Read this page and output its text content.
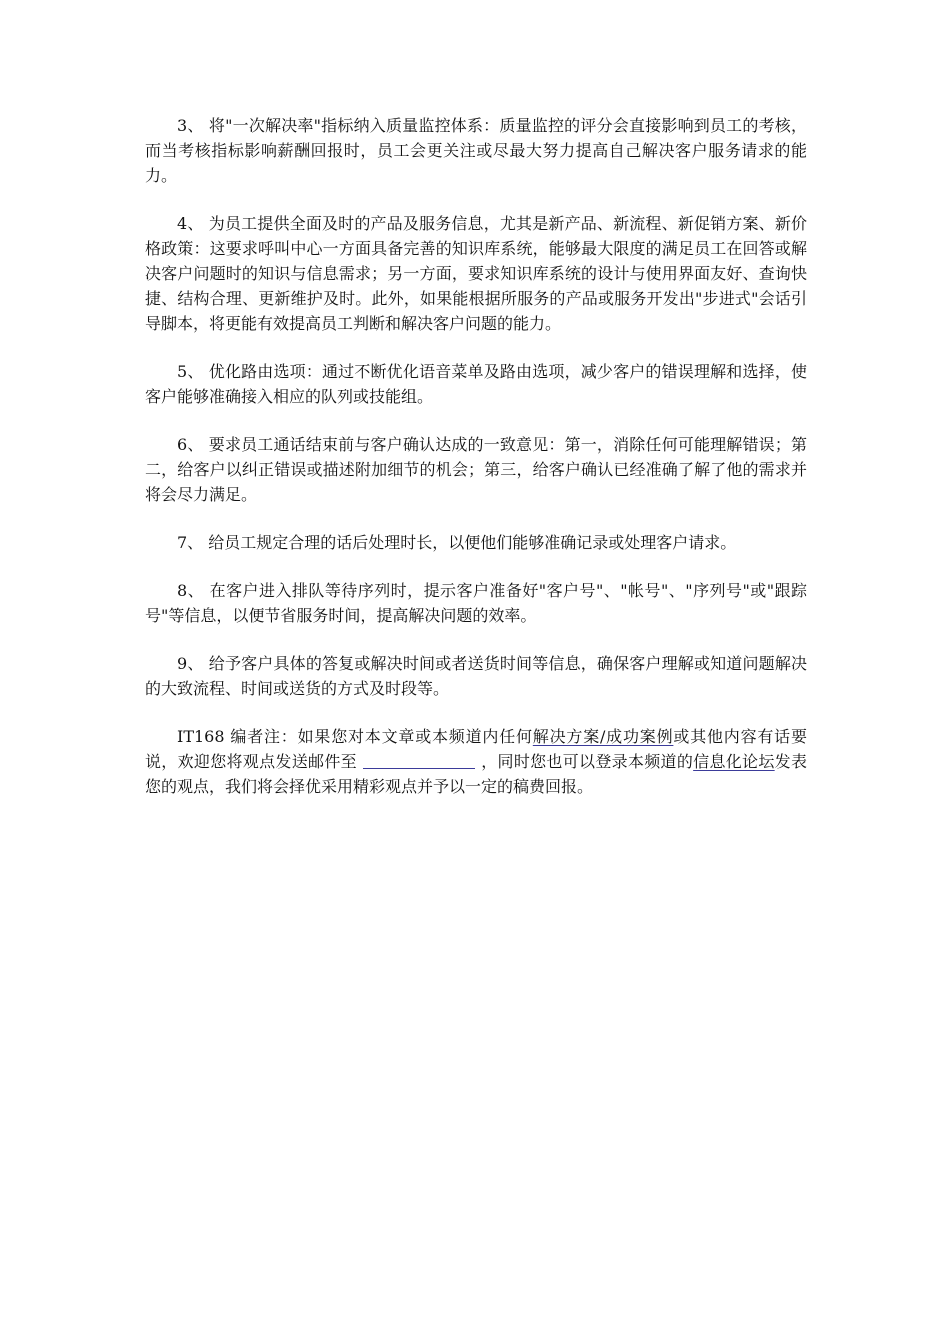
3、 将"一次解决率"指标纳入质量监控体系：质量监控的评分会直接影响到员工的考核，而当考核指标影响薪酬回报时，员工会更关注或尽最大努力提高自己解决客户服务请求的能力。

4、 为员工提供全面及时的产品及服务信息，尤其是新产品、新流程、新促销方案、新价格政策：这要求呼叫中心一方面具备完善的知识库系统，能够最大限度的满足员工在回答或解决客户问题时的知识与信息需求；另一方面，要求知识库系统的设计与使用界面友好、查询快捷、结构合理、更新维护及时。此外，如果能根据所服务的产品或服务开发出"步进式"会话引导脚本，将更能有效提高员工判断和解决客户问题的能力。

5、 优化路由选项：通过不断优化语音菜单及路由选项，减少客户的错误理解和选择，使客户能够准确接入相应的队列或技能组。

6、 要求员工通话结束前与客户确认达成的一致意见：第一，消除任何可能理解错误；第二，给客户以纠正错误或描述附加细节的机会；第三，给客户确认已经准确了解了他的需求并将会尽力满足。

7、 给员工规定合理的话后处理时长，以便他们能够准确记录或处理客户请求。

8、 在客户进入排队等待序列时，提示客户准备好"客户号"、"帐号"、"序列号"或"跟踪号"等信息，以便节省服务时间，提高解决问题的效率。

9、 给予客户具体的答复或解决时间或者送货时间等信息，确保客户理解或知道问题解决的大致流程、时间或送货的方式及时段等。

IT168 编者注：如果您对本文章或本频道内任何解决方案/成功案例或其他内容有话要说，欢迎您将观点发送邮件至	，同时您也可以登录本频道的信息化论坛发表您的观点，我们将会择优采用精彩观点并予以一定的稿费回报。
